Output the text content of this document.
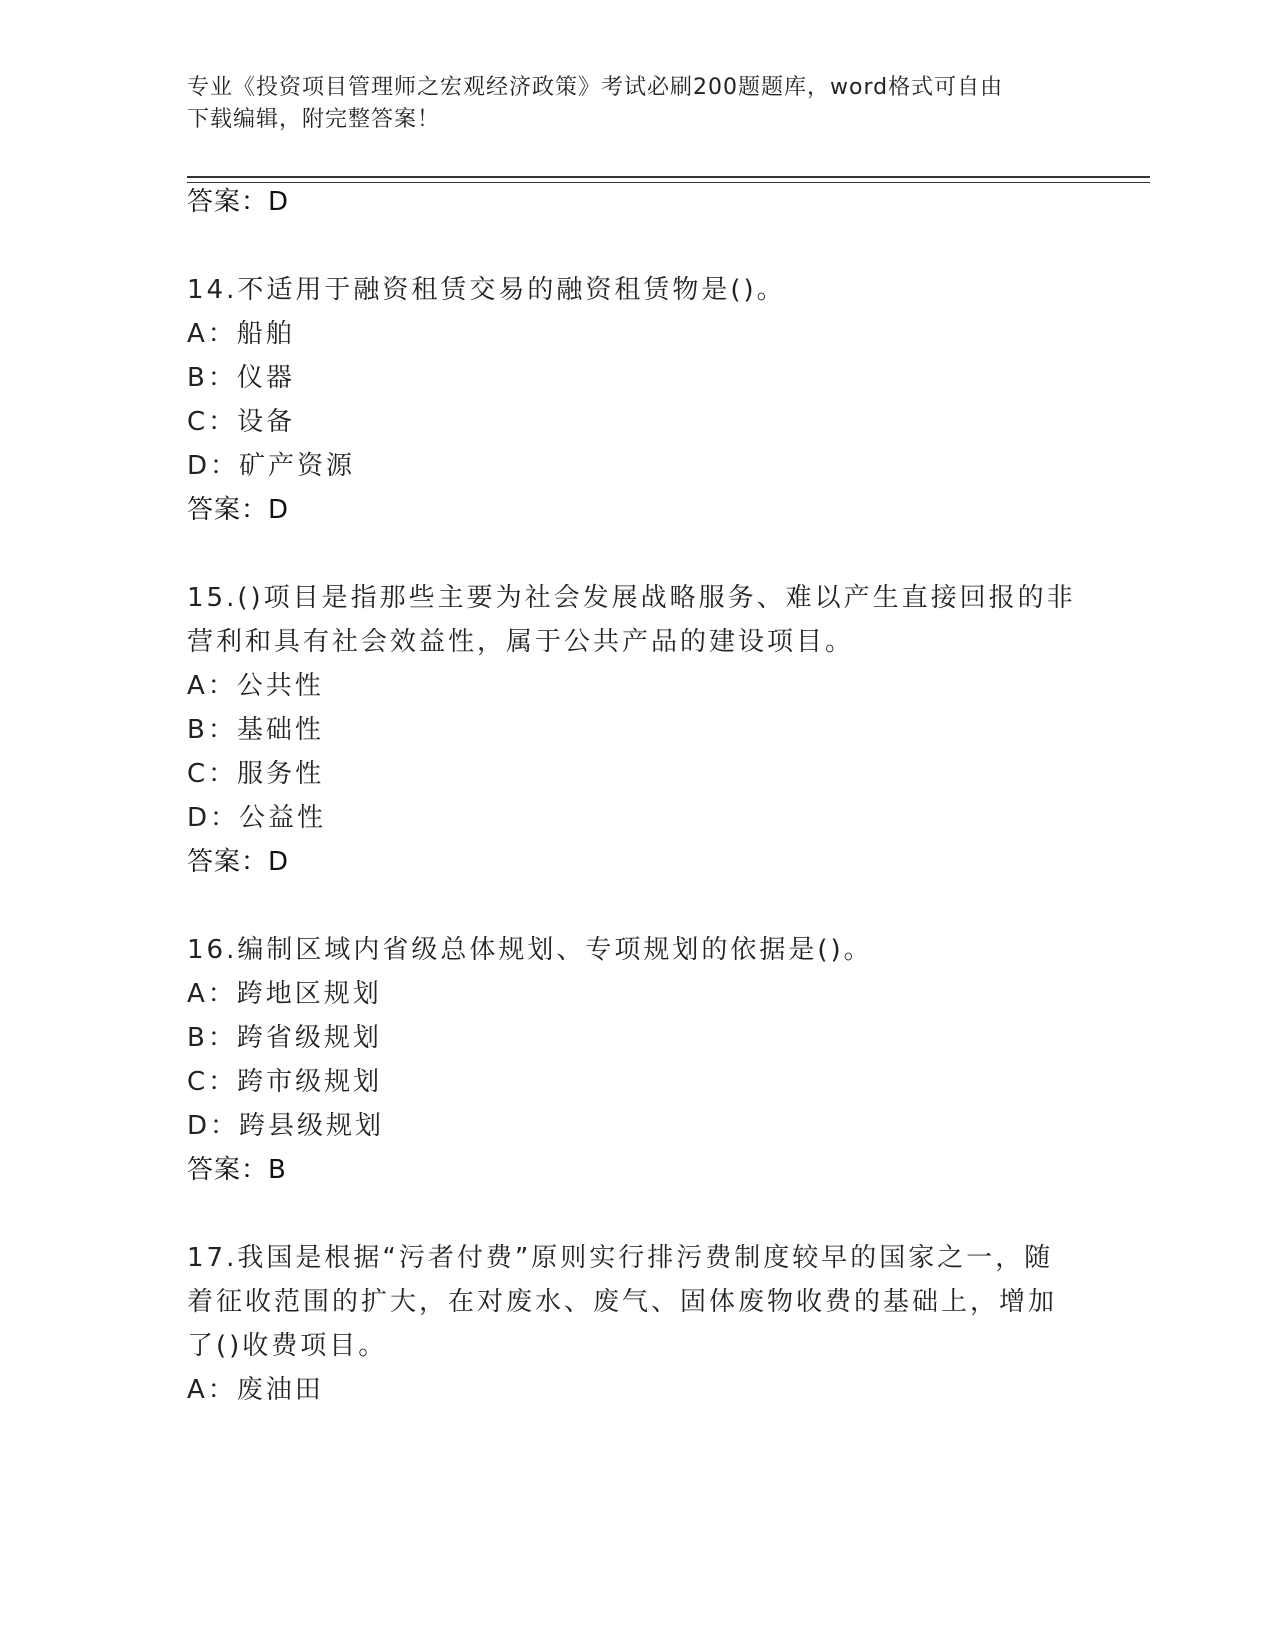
专业《投资项目管理师之宏观经济政策》考试必刷200题题库，word格式可自由
下载编辑，附完整答案！
答案：D
14.不适用于融资租赁交易的融资租赁物是()。
A：船舶
B：仪器
C：设备
D：矿产资源
答案：D
15.()项目是指那些主要为社会发展战略服务、难以产生直接回报的非
营利和具有社会效益性，属于公共产品的建设项目。
A：公共性
B：基础性
C：服务性
D：公益性
答案：D
16.编制区域内省级总体规划、专项规划的依据是()。
A：跨地区规划
B：跨省级规划
C：跨市级规划
D：跨县级规划
答案：B
17.我国是根据“污者付费”原则实行排污费制度较早的国家之一，随
着征收范围的扩大，在对废水、废气、固体废物收费的基础上，增加
了()收费项目。
A：废油田
